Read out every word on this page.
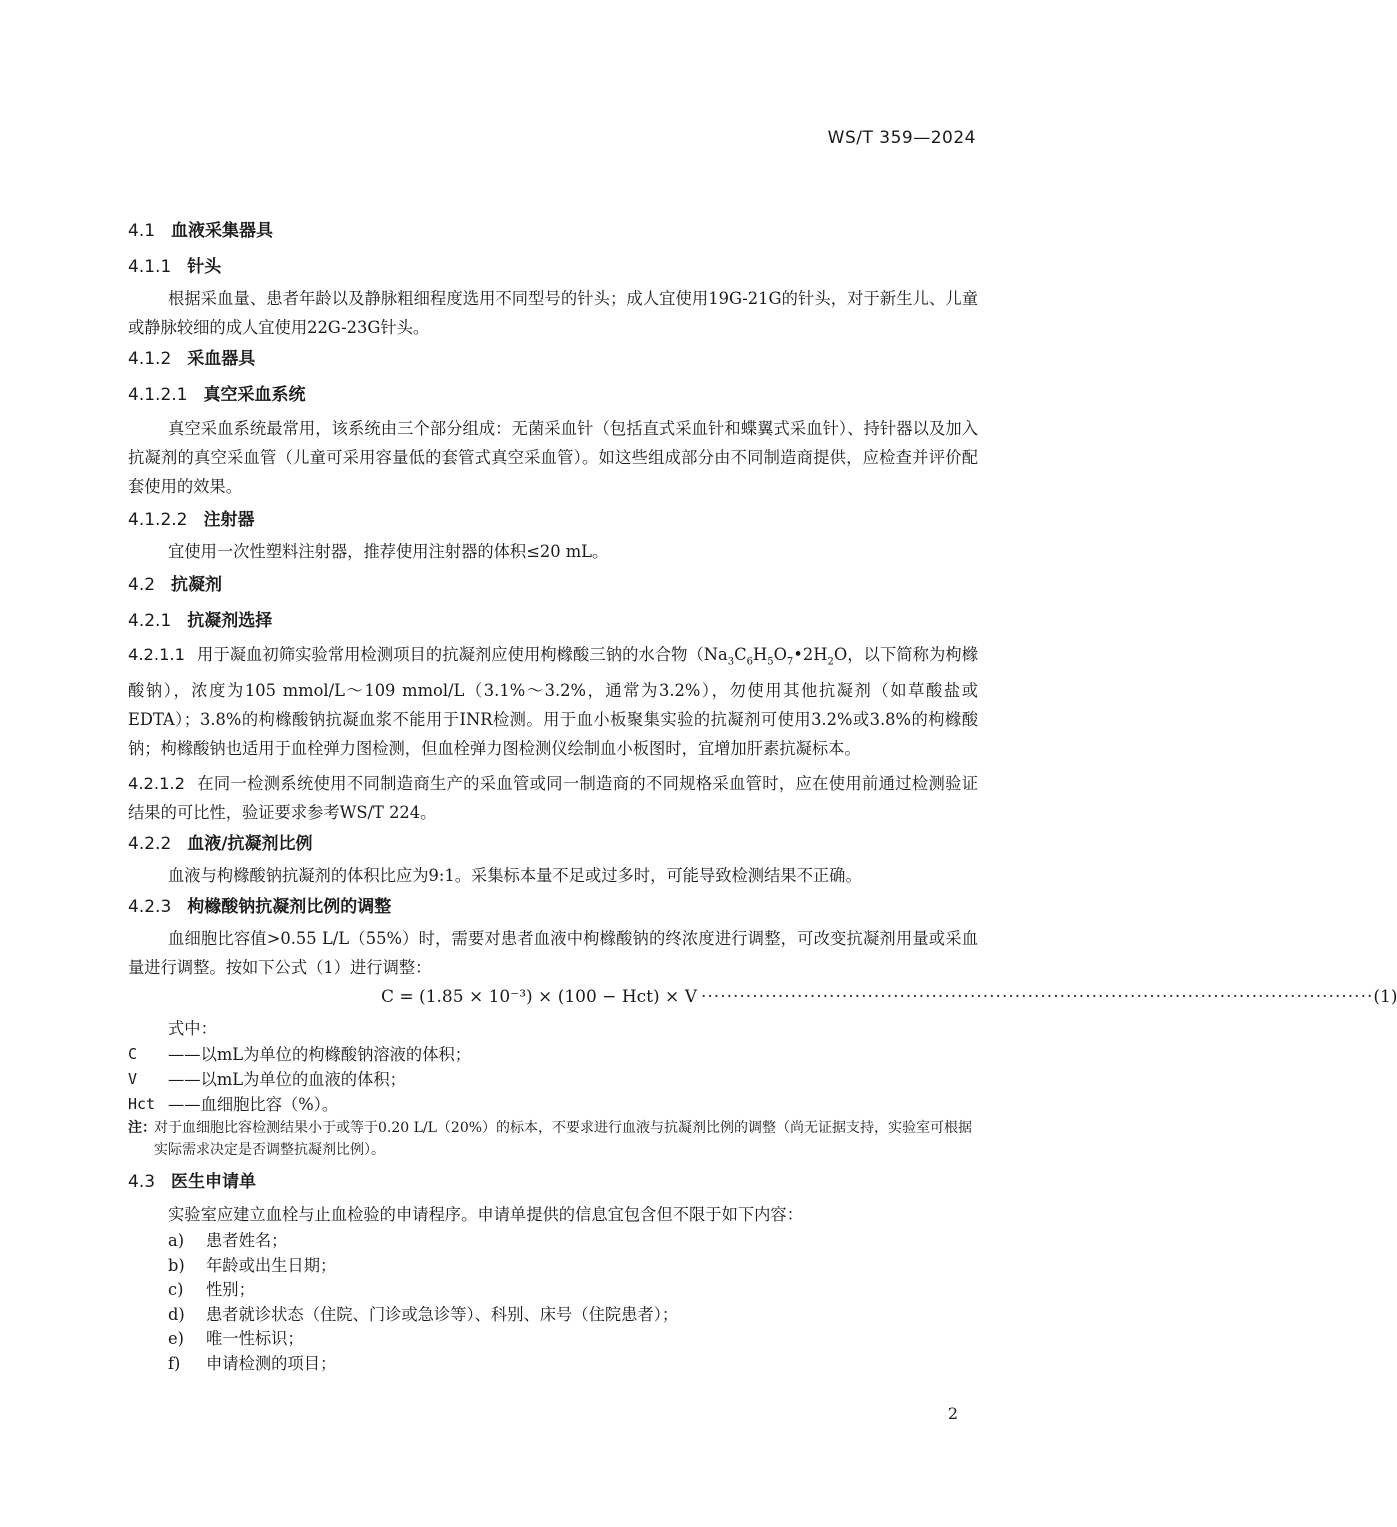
WS/T 359—2024
4.1 血液采集器具
4.1.1 针头

根据采血量、患者年龄以及静脉粗细程度选用不同型号的针头；成人宜使用19G-21G的针头，对于新生儿、儿童或静脉较细的成人宜使用22G-23G针头。

4.1.2 采血器具
4.1.2.1 真空采血系统

真空采血系统最常用，该系统由三个部分组成：无菌采血针（包括直式采血针和蝶翼式采血针）、持针器以及加入抗凝剂的真空采血管（儿童可采用容量低的套管式真空采血管）。如这些组成部分由不同制造商提供，应检查并评价配套使用的效果。

4.1.2.2 注射器

宜使用一次性塑料注射器，推荐使用注射器的体积≤20 mL。

4.2 抗凝剂
4.2.1 抗凝剂选择

4.2.1.1 用于凝血初筛实验常用检测项目的抗凝剂应使用枸橼酸三钠的水合物（$Na_3C_6H_5O_7•2H_2O$，以下简称为枸橼酸钠），浓度为105 mmol/L～109 mmol/L（3.1%～3.2%，通常为3.2%），勿使用其他抗凝剂（如草酸盐或EDTA）；3.8%的枸橼酸钠抗凝血浆不能用于INR检测。用于血小板聚集实验的抗凝剂可使用3.2%或3.8%的枸橼酸钠；枸橼酸钠也适用于血栓弹力图检测，但血栓弹力图检测仪绘制血小板图时，宜增加肝素抗凝标本。

4.2.1.2 在同一检测系统使用不同制造商生产的采血管或同一制造商的不同规格采血管时，应在使用前通过检测验证结果的可比性，验证要求参考WS/T 224。

4.2.2 血液/抗凝剂比例

血液与枸橼酸钠抗凝剂的体积比应为9:1。采集标本量不足或过多时，可能导致检测结果不正确。

4.2.3 枸橼酸钠抗凝剂比例的调整

血细胞比容值>0.55 L/L（55%）时，需要对患者血液中枸橼酸钠的终浓度进行调整，可改变抗凝剂用量或采血量进行调整。按如下公式（1）进行调整：

C = (1.85 × 10⁻³) × (100 − Hct) × V ········································································································· (1)

式中：

C	——以mL为单位的枸橼酸钠溶液的体积；

V	——以mL为单位的血液的体积；

Hct ——血细胞比容（%）。

注：
对于血细胞比容检测结果小于或等于0.20 L/L（20%）的标本，不要求进行血液与抗凝剂比例的调整（尚无证据支持，实验室可根据实际需求决定是否调整抗凝剂比例）。
4.3 医生申请单

实验室应建立血栓与止血检验的申请程序。申请单提供的信息宜包含但不限于如下内容：

a)	患者姓名；

b)	年龄或出生日期；

c)	性别；

d)	患者就诊状态（住院、门诊或急诊等）、科别、床号（住院患者）；

e)	唯一性标识；

f)	申请检测的项目；

2
